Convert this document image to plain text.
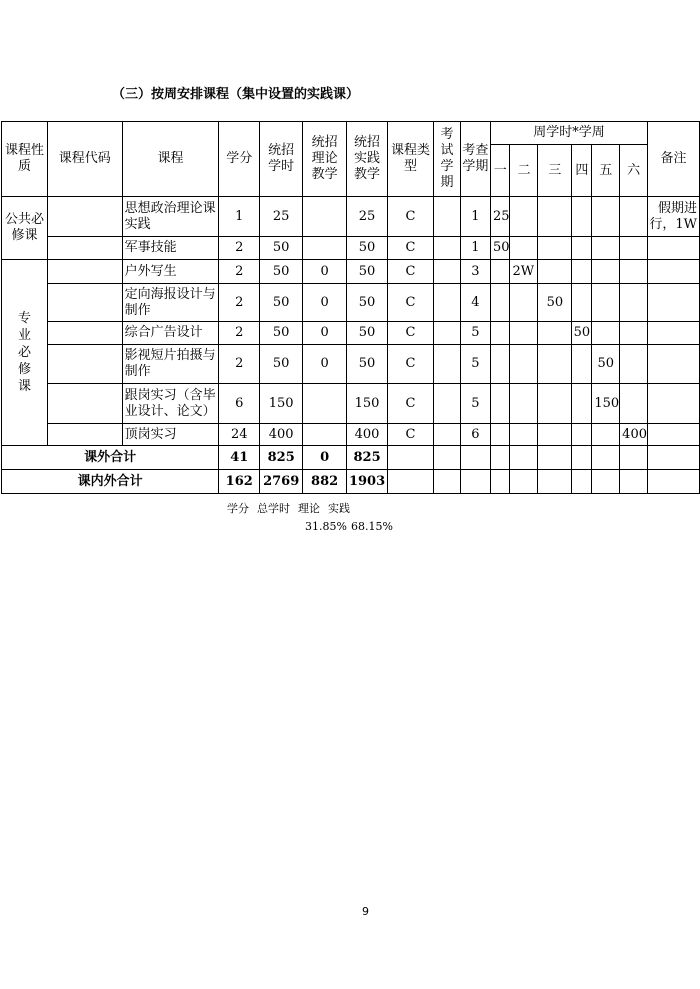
（三）按周安排课程（集中设置的实践课）
课程性质	课程代码	课程	学分	统招学时	统招理论教学	统招实践教学	课程类型	考试学期	考查学期	周学时*学周						备注
										一	二	三	四	五	六	
公共必修课		思想政治理论课实践	1	25		25	C		1	25						假期进行，1W
		军事技能	2	50		50	C		1	50						
专业必修课		户外写生	2	50	0	50	C		3		2W					
		定向海报设计与制作	2	50	0	50	C		4			50				
		综合广告设计	2	50	0	50	C		5				50			
		影视短片拍摄与制作	2	50	0	50	C		5					50		
		跟岗实习（含毕业设计、论文）	6	150		150	C		5					150		
		顶岗实习	24	400		400	C		6						400	
课外合计			41	825	0	825										
课内外合计			162	2769	882	1903										
学分 总学时 理论 实践
31.85% 68.15%
9
